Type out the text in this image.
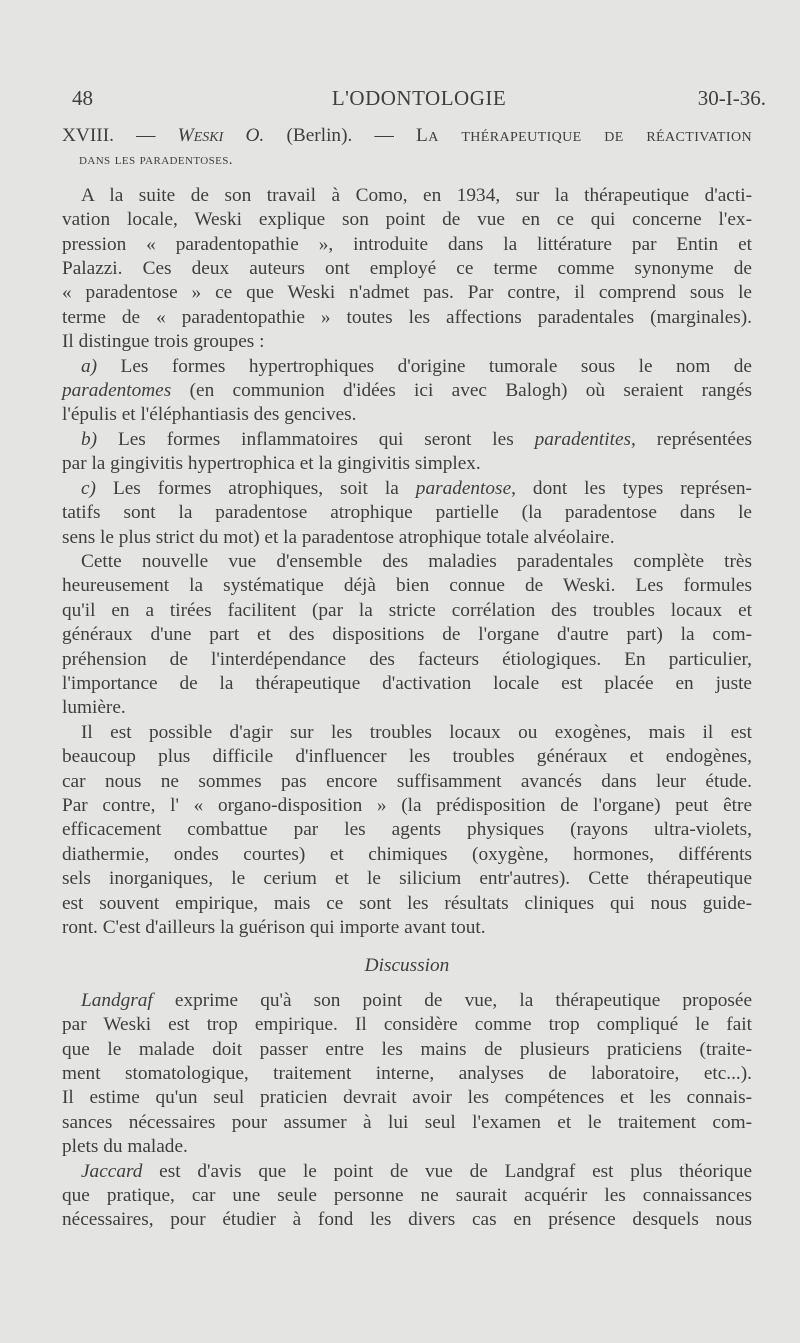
48	L'ODONTOLOGIE	30-I-36.
XVIII. — Weski O. (Berlin). — La thérapeutique de réactivation
dans les paradentoses.
A la suite de son travail à Como, en 1934, sur la thérapeutique d'acti-
vation locale, Weski explique son point de vue en ce qui concerne l'ex-
pression « paradentopathie », introduite dans la littérature par Entin et
Palazzi. Ces deux auteurs ont employé ce terme comme synonyme de
« paradentose » ce que Weski n'admet pas. Par contre, il comprend sous le
terme de « paradentopathie » toutes les affections paradentales (marginales).
Il distingue trois groupes :
a) Les formes hypertrophiques d'origine tumorale sous le nom de
paradentomes (en communion d'idées ici avec Balogh) où seraient rangés
l'épulis et l'éléphantiasis des gencives.
b) Les formes inflammatoires qui seront les paradentites, représentées
par la gingivitis hypertrophica et la gingivitis simplex.
c) Les formes atrophiques, soit la paradentose, dont les types représen-
tatifs sont la paradentose atrophique partielle (la paradentose dans le
sens le plus strict du mot) et la paradentose atrophique totale alvéolaire.
Cette nouvelle vue d'ensemble des maladies paradentales complète très
heureusement la systématique déjà bien connue de Weski. Les formules
qu'il en a tirées facilitent (par la stricte corrélation des troubles locaux et
généraux d'une part et des dispositions de l'organe d'autre part) la com-
préhension de l'interdépendance des facteurs étiologiques. En particulier,
l'importance de la thérapeutique d'activation locale est placée en juste
lumière.
Il est possible d'agir sur les troubles locaux ou exogènes, mais il est
beaucoup plus difficile d'influencer les troubles généraux et endogènes,
car nous ne sommes pas encore suffisamment avancés dans leur étude.
Par contre, l' « organo-disposition » (la prédisposition de l'organe) peut être
efficacement combattue par les agents physiques (rayons ultra-violets,
diathermie, ondes courtes) et chimiques (oxygène, hormones, différents
sels inorganiques, le cerium et le silicium entr'autres). Cette thérapeutique
est souvent empirique, mais ce sont les résultats cliniques qui nous guide-
ront. C'est d'ailleurs la guérison qui importe avant tout.
Discussion
Landgraf exprime qu'à son point de vue, la thérapeutique proposée
par Weski est trop empirique. Il considère comme trop compliqué le fait
que le malade doit passer entre les mains de plusieurs praticiens (traite-
ment stomatologique, traitement interne, analyses de laboratoire, etc...).
Il estime qu'un seul praticien devrait avoir les compétences et les connais-
sances nécessaires pour assumer à lui seul l'examen et le traitement com-
plets du malade.
Jaccard est d'avis que le point de vue de Landgraf est plus théorique
que pratique, car une seule personne ne saurait acquérir les connaissances
nécessaires, pour étudier à fond les divers cas en présence desquels nous
